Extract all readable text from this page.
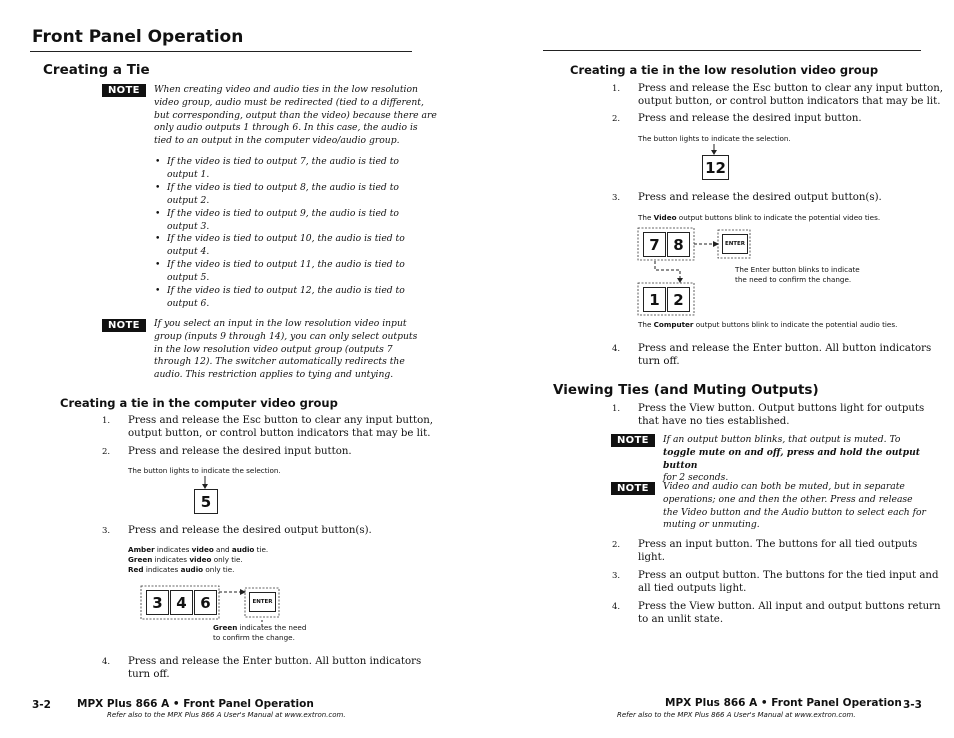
Front Panel Operation
Creating a Tie
NOTE	When creating video and audio ties in the low resolution
video group, audio must be redirected (tied to a different,
but corresponding, output than the video) because there are
only audio outputs 1 through 6. In this case, the audio is
tied to an output in the computer video/audio group.
• If the video is tied to output 7, the audio is tied to
output 1.
• If the video is tied to output 8, the audio is tied to
output 2.
• If the video is tied to output 9, the audio is tied to
output 3.
• If the video is tied to output 10, the audio is tied to
output 4.
• If the video is tied to output 11, the audio is tied to
output 5.
• If the video is tied to output 12, the audio is tied to
output 6.
NOTE	If you select an input in the low resolution video input
group (inputs 9 through 14), you can only select outputs
in the low resolution video output group (outputs 7
through 12). The switcher automatically redirects the
audio. This restriction applies to tying and untying.
Creating a tie in the computer video group
1. Press and release the Esc button to clear any input button,
output button, or control button indicators that may be lit.
2. Press and release the desired input button.
The button lights to indicate the selection.
5
3. Press and release the desired output button(s).
Amber indicates video and audio tie.
Green indicates video only tie.
Red indicates audio only tie.
3 4 6	ENTER
Green indicates the need
to confirm the change.
4. Press and release the Enter button. All button indicators
turn off.
3-2 MPX Plus 866 A • Front Panel Operation
Refer also to the MPX Plus 866 A User's Manual at www.extron.com.
Creating a tie in the low resolution video group
1. Press and release the Esc button to clear any input button,
output button, or control button indicators that may be lit.
2. Press and release the desired input button.
The button lights to indicate the selection.
12
3. Press and release the desired output button(s).
The Video output buttons blink to indicate the potential video ties.
7 8	ENTER
The Enter button blinks to indicate
the need to confirm the change.
1 2
The Computer output buttons blink to indicate the potential audio ties.
4. Press and release the Enter button. All button indicators
turn off.
Viewing Ties (and Muting Outputs)
1. Press the View button. Output buttons light for outputs
that have no ties established.
NOTE	If an output button blinks, that output is muted. To
toggle mute on and off, press and hold the output button
for 2 seconds.
NOTE	Video and audio can both be muted, but in separate
operations; one and then the other. Press and release
the Video button and the Audio button to select each for
muting or unmuting.
2. Press an input button. The buttons for all tied outputs
light.
3. Press an output button. The buttons for the tied input and
all tied outputs light.
4. Press the View button. All input and output buttons return
to an unlit state.
MPX Plus 866 A • Front Panel Operation 3-3
Refer also to the MPX Plus 866 A User's Manual at www.extron.com.
